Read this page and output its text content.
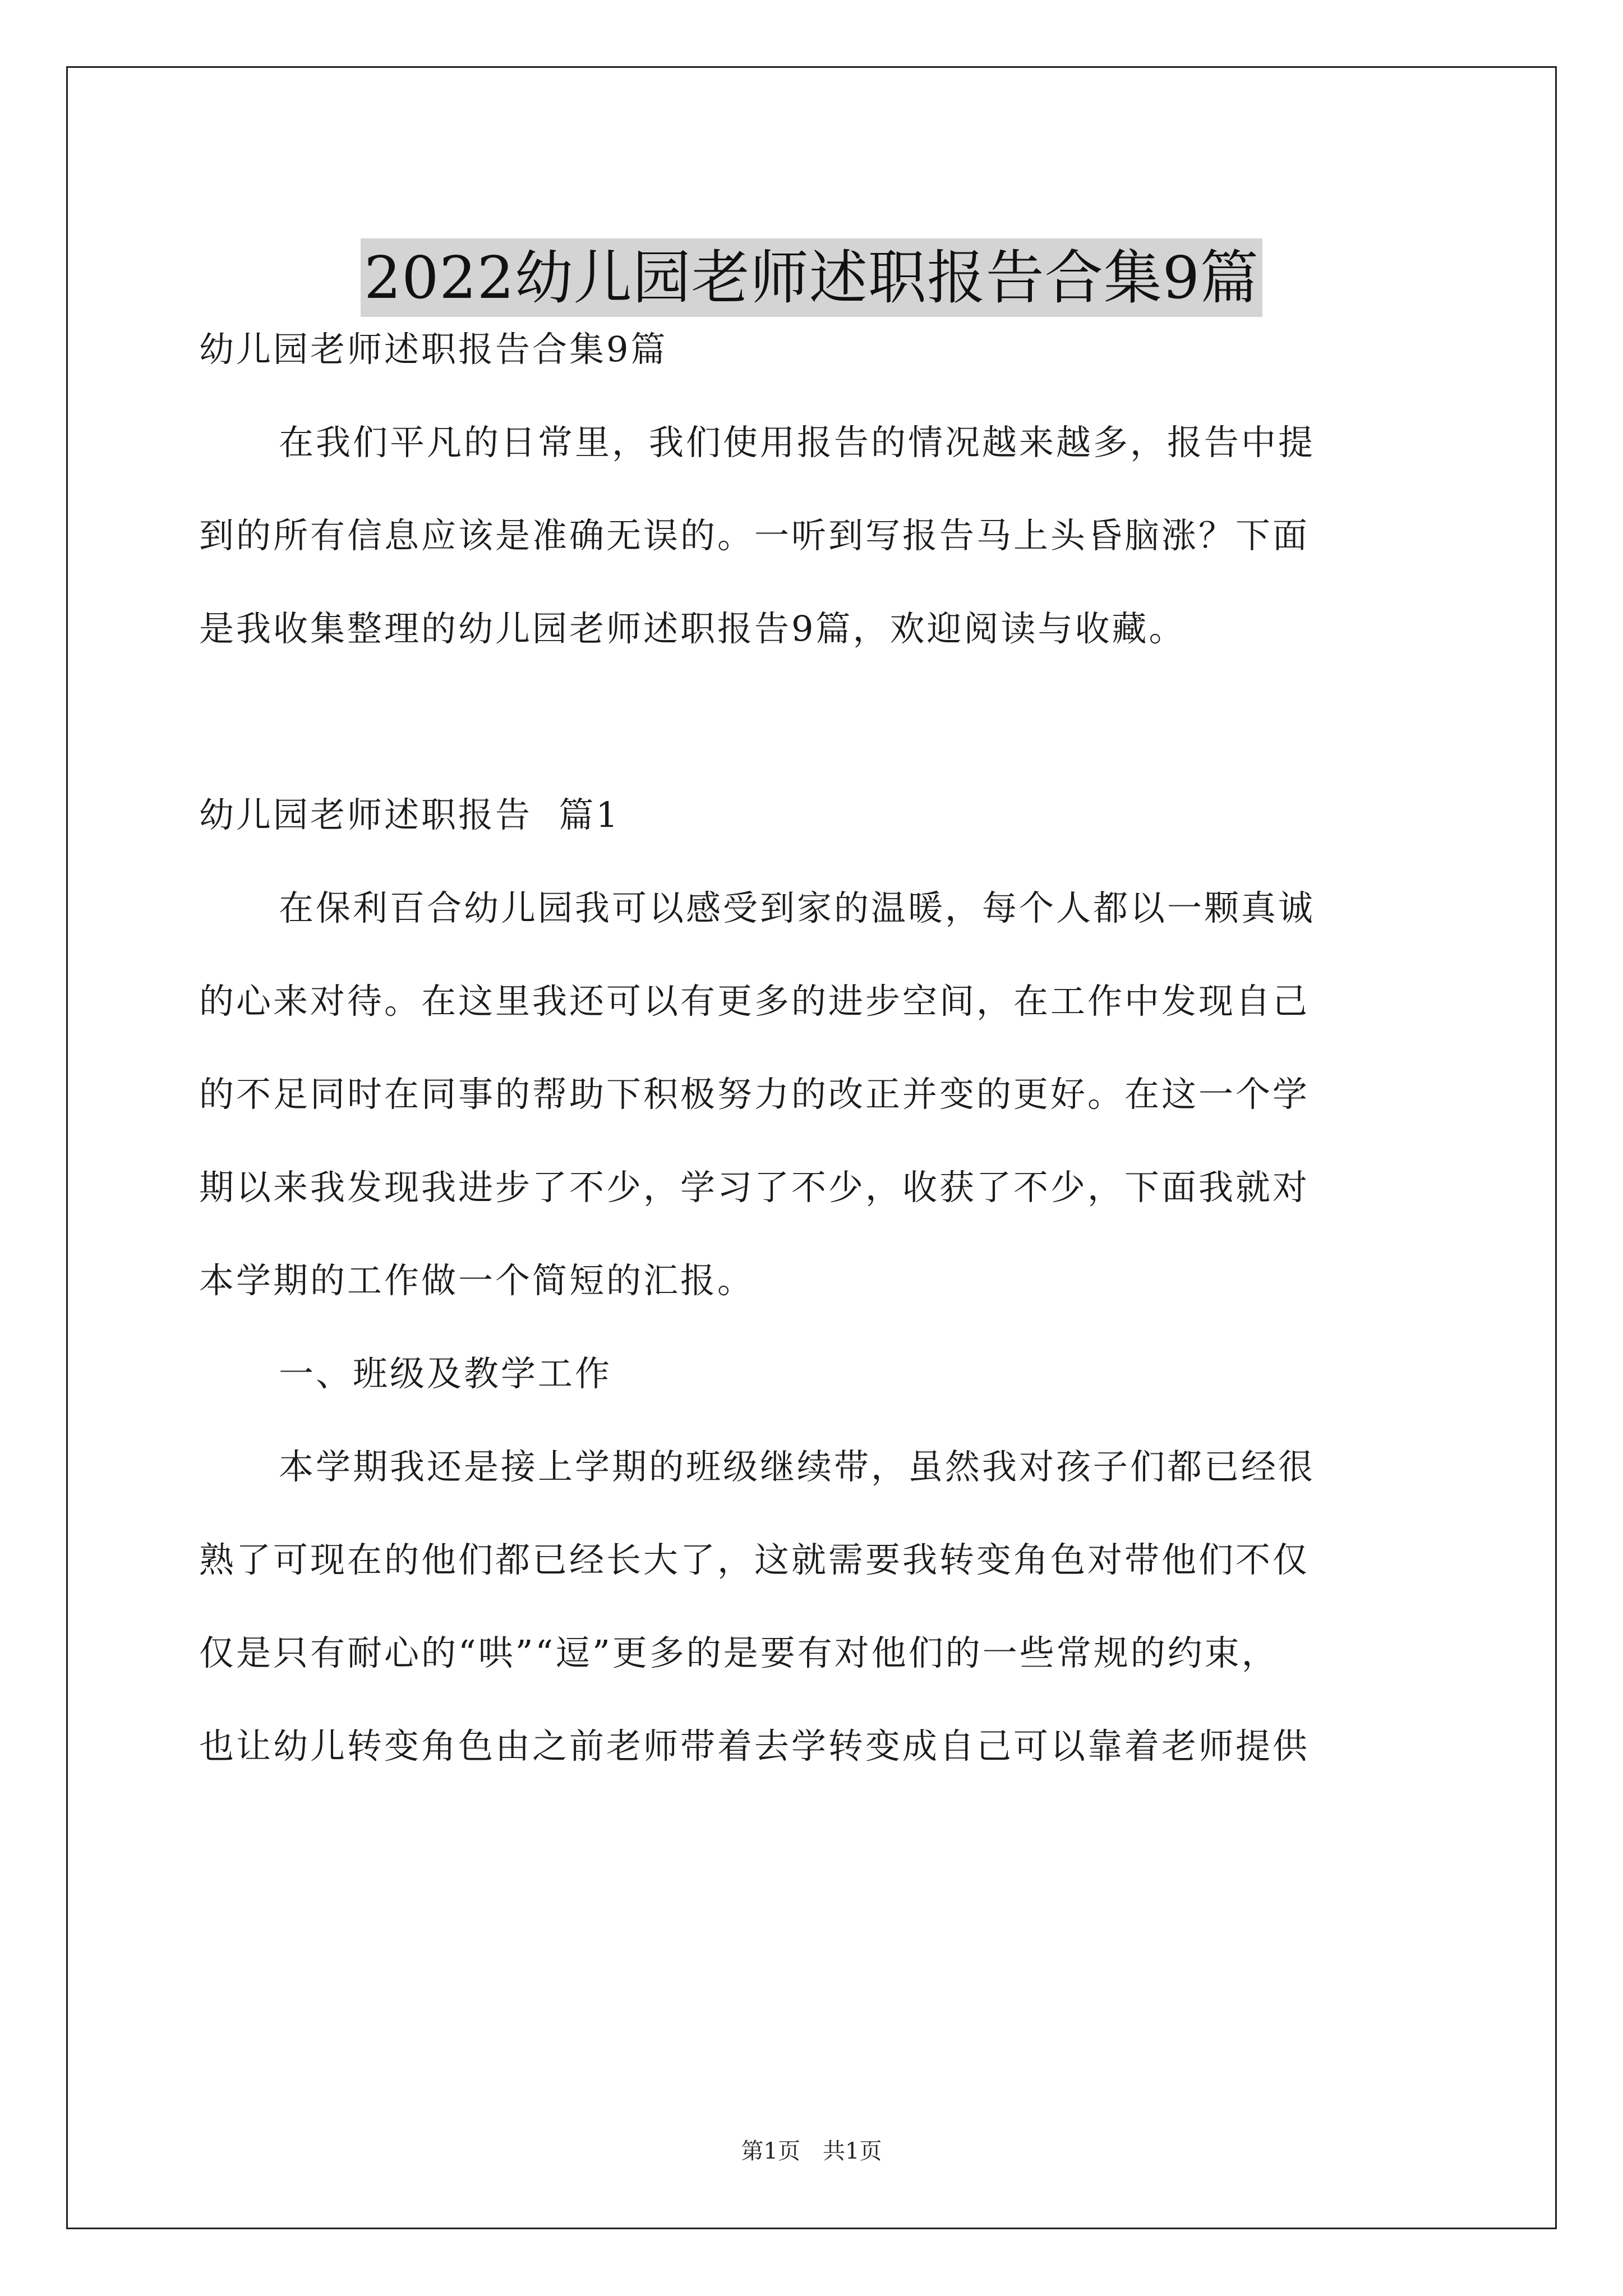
2022幼儿园老师述职报告合集9篇
幼儿园老师述职报告合集9篇
在我们平凡的日常里，我们使用报告的情况越来越多，报告中提
到的所有信息应该是准确无误的。一听到写报告马上头昏脑涨？下面
是我收集整理的幼儿园老师述职报告9篇，欢迎阅读与收藏。
幼儿园老师述职报告  篇1
在保利百合幼儿园我可以感受到家的温暖，每个人都以一颗真诚
的心来对待。在这里我还可以有更多的进步空间，在工作中发现自己
的不足同时在同事的帮助下积极努力的改正并变的更好。在这一个学
期以来我发现我进步了不少，学习了不少，收获了不少，下面我就对
本学期的工作做一个简短的汇报。
一、班级及教学工作
本学期我还是接上学期的班级继续带，虽然我对孩子们都已经很
熟了可现在的他们都已经长大了，这就需要我转变角色对带他们不仅
仅是只有耐心的“哄”“逗”更多的是要有对他们的一些常规的约束，
也让幼儿转变角色由之前老师带着去学转变成自己可以靠着老师提供
第1页 共1页
